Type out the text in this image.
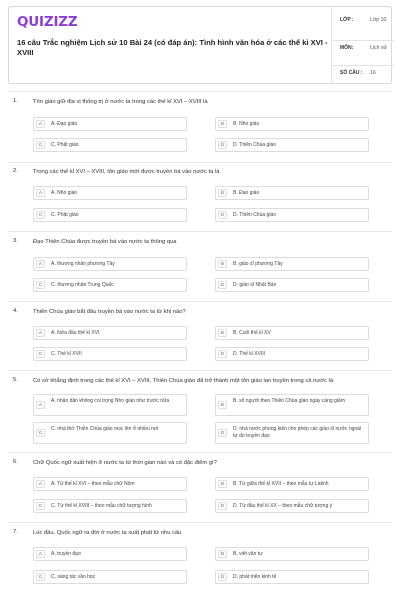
QUIZIZZ
16 câu Trắc nghiệm Lịch sử 10 Bài 24 (có đáp án): Tình hình văn hóa ở các thế kỉ XVI - XVIII
LỚP :	Lớp 10
MÔN:	Lịch sử
SỐ CÂU :	16
1.	Tôn giáo giữ địa vị thống trị ở nước ta trong các thế kỉ XVI – XVIII là
A	A. Đạo giáo	B	B. Nho giáo
C	C. Phật giáo	D	D. Thiên Chúa giáo
2.	Trong các thế kỉ XVI – XVIII, tôn giáo mới được truyền bá vào nước ta là
A	A. Nho giáo	B	B. Đạo giáo
C	C. Phật giáo	D	D. Thiên Chúa giáo
3.	Đạo Thiên Chúa được truyền bá vào nước ta thông qua
A	A. thương nhân phương Tây	B	B. giáo sĩ phương Tây
C	C. thương nhân Trung Quốc	D	D. giáo sĩ Nhật Bản
4.	Thiên Chúa giáo bắt đầu truyền bá vào nước ta từ khi nào?
A	A. Nửa đầu thế kỉ XVI	B	B. Cuối thế kỉ XV
C	C. Thế kỉ XVII	D	D. Thế kỉ XVIII
5.	Có sở khẳng định trong các thế kỉ XVI – XVIII, Thiên Chúa giáo đã trở thành một tôn giáo lan truyền trong cả nước là
A
A. nhân dân không coi trọng Nho giáo như trước nữa
B
B. số người theo Thiên Chúa giáo ngày càng giảm
C
C. nhà thờ Thiên Chúa giáo mọc lên ở nhiều nơi
D
D. nhà nước phong kiến cho phép các giáo sĩ nước ngoài tự do truyền đạo
6.	Chữ Quốc ngữ xuất hiện ở nước ta từ thời gian nào và có đặc điểm gì?
A	A. Từ thế kỉ XVI – theo mẫu chữ Nôm	B	B. Từ giữa thế kỉ XVII – theo mẫu tự Latinh
C	C. Từ thế kỉ XVIII – theo mẫu chữ tượng hình	D	D. Từ đầu thế kỉ XX – theo mẫu chữ tượng ý
7.	Lúc đầu, Quốc ngữ ra đời ở nước ta xuất phát từ nhu cầu
A	A. truyền đạo	B	B. viết văn tự
C	C. sáng tác văn học	D	D. phát triển kinh tế
